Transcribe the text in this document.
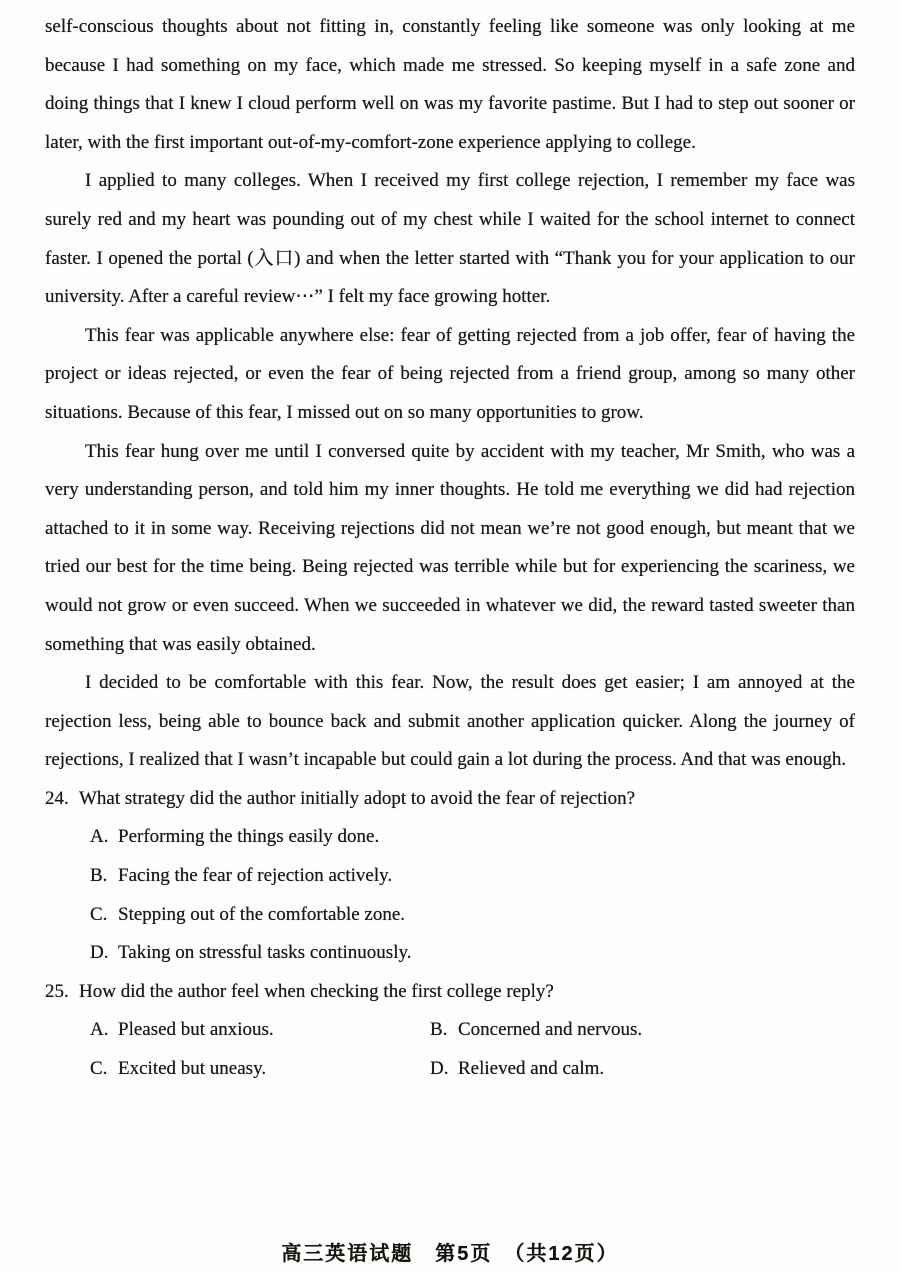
self-conscious thoughts about not fitting in, constantly feeling like someone was only looking at me because I had something on my face, which made me stressed. So keeping myself in a safe zone and doing things that I knew I cloud perform well on was my favorite pastime. But I had to step out sooner or later, with the first important out-of-my-comfort-zone experience applying to college.

I applied to many colleges. When I received my first college rejection, I remember my face was surely red and my heart was pounding out of my chest while I waited for the school internet to connect faster. I opened the portal (入口) and when the letter started with “Thank you for your application to our university. After a careful review⋯” I felt my face growing hotter.

This fear was applicable anywhere else: fear of getting rejected from a job offer, fear of having the project or ideas rejected, or even the fear of being rejected from a friend group, among so many other situations. Because of this fear, I missed out on so many opportunities to grow.

This fear hung over me until I conversed quite by accident with my teacher, Mr Smith, who was a very understanding person, and told him my inner thoughts. He told me everything we did had rejection attached to it in some way. Receiving rejections did not mean we’re not good enough, but meant that we tried our best for the time being. Being rejected was terrible while but for experiencing the scariness, we would not grow or even succeed. When we succeeded in whatever we did, the reward tasted sweeter than something that was easily obtained.

I decided to be comfortable with this fear. Now, the result does get easier; I am annoyed at the rejection less, being able to bounce back and submit another application quicker. Along the journey of rejections, I realized that I wasn’t incapable but could gain a lot during the process. And that was enough.

24. What strategy did the author initially adopt to avoid the fear of rejection?
A. Performing the things easily done.
B. Facing the fear of rejection actively.
C. Stepping out of the comfortable zone.
D. Taking on stressful tasks continuously.
25. How did the author feel when checking the first college reply?
A. Pleased but anxious.	B. Concerned and nervous.
C. Excited but uneasy.	D. Relieved and calm.
高三英语试题　第5页　（共12页）
